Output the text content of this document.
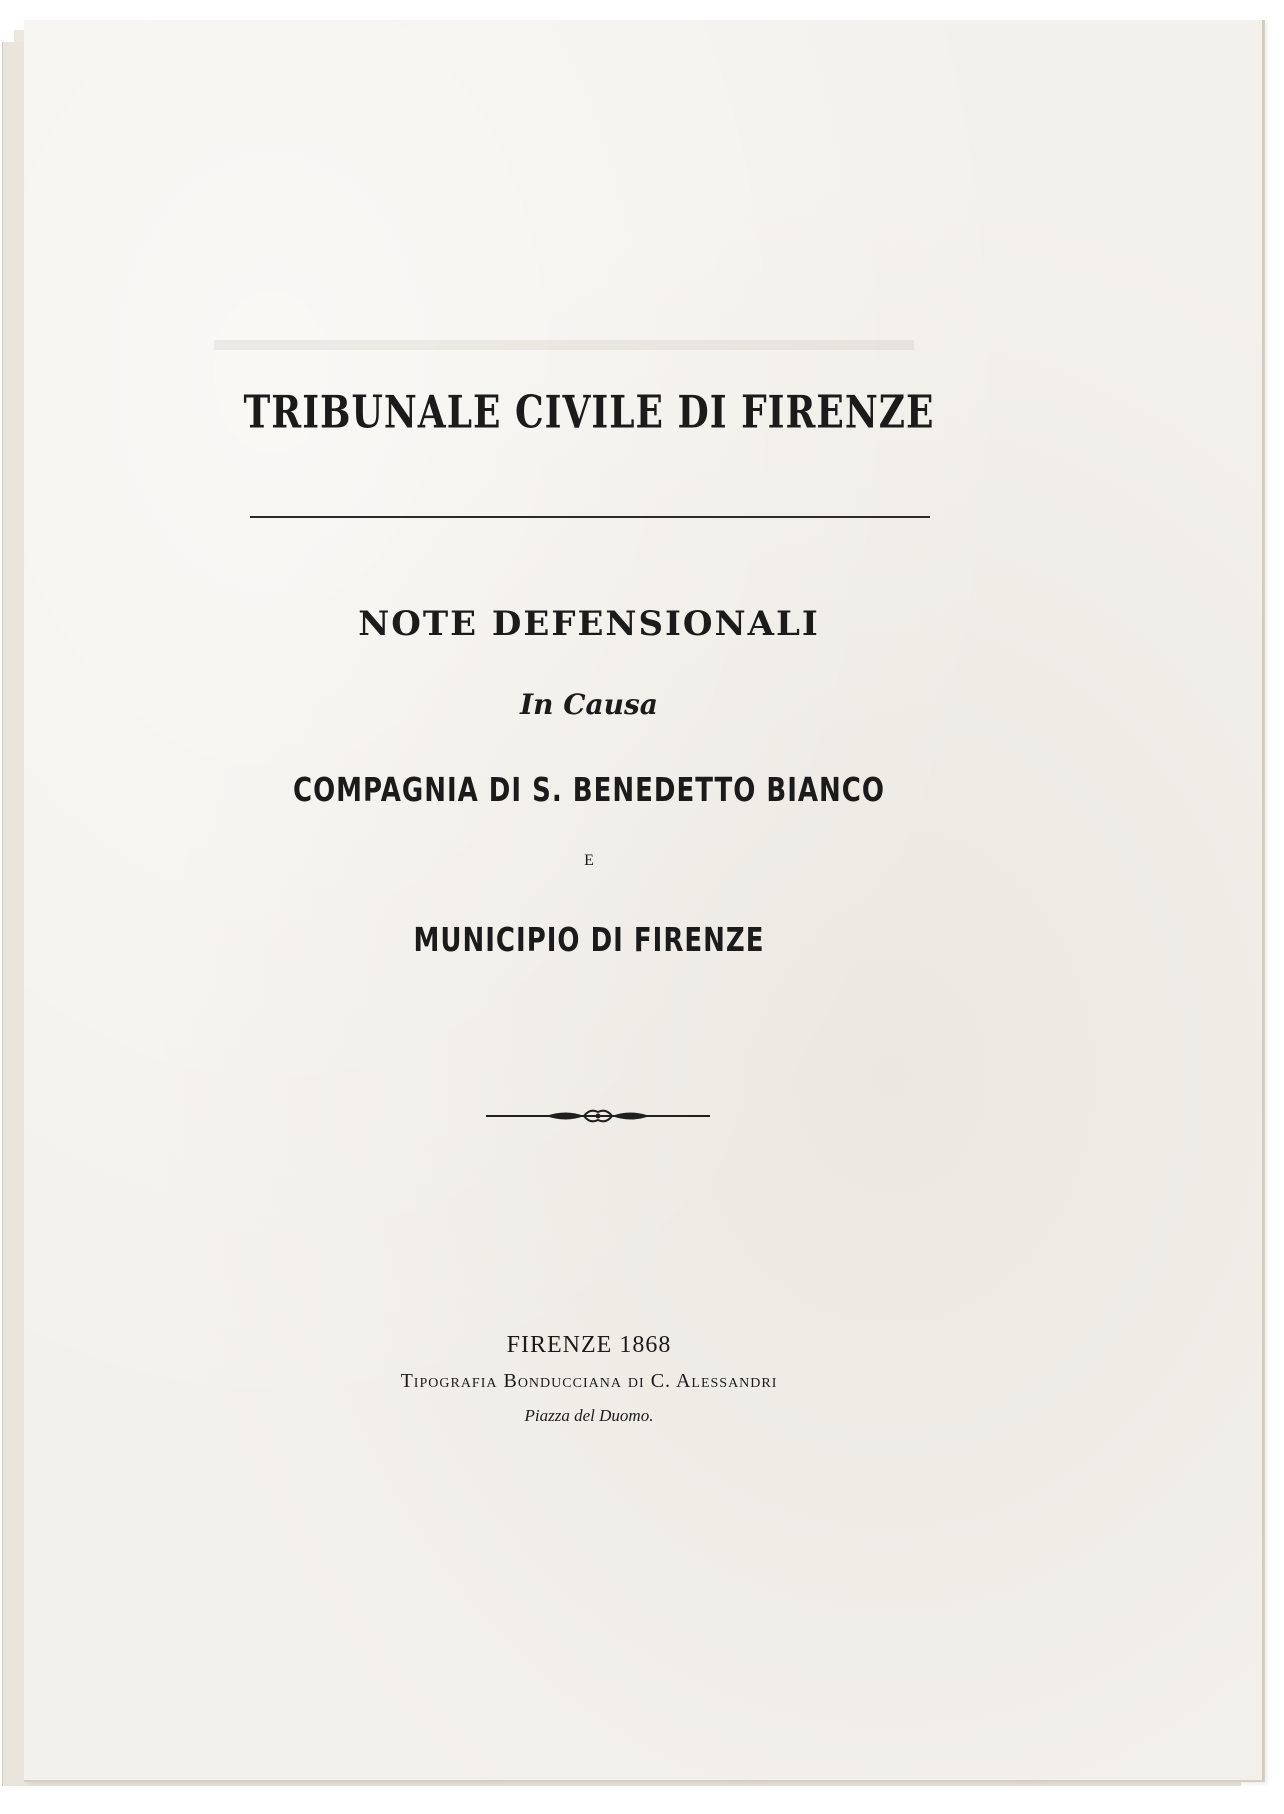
TRIBUNALE CIVILE DI FIRENZE
NOTE DEFENSIONALI
In Causa
COMPAGNIA DI S. BENEDETTO BIANCO
E
MUNICIPIO DI FIRENZE
FIRENZE 1868
Tipografia Bonducciana di C. Alessandri
Piazza del Duomo.
